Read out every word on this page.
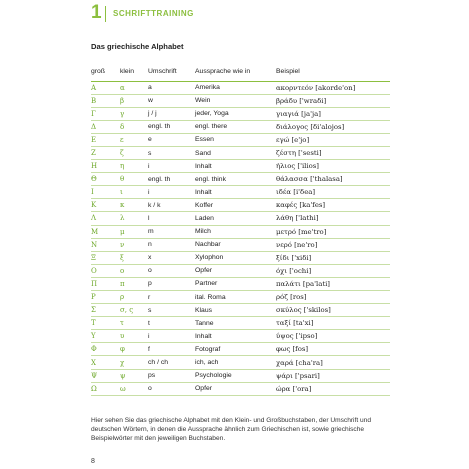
1 SCHRIFTTRAINING
Das griechische Alphabet
groß	klein	Umschrift	Aussprache wie in	Beispiel
Α	α	a	Amerika	ακορντεόν [akorde'on]
Β	β	w	Wein	βράδυ ['wraδi]
Γ	γ	j / j	jeder, Yoga	γιαγιά [ja'ja]
Δ	δ	engl. th	engl. there	διάλογος [δi'alojos]
Ε	ε	e	Essen	εγώ [e'jo]
Ζ	ζ	s	Sand	ζέστη ['sesti]
Η	η	i	Inhalt	ήλιος ['ilios]
Θ	θ	engl. th	engl. think	θάλασσα ['thalasa]
Ι	ι	i	Inhalt	ιδέα [i'δea]
Κ	κ	k / k	Koffer	καφές [ka'fes]
Λ	λ	l	Laden	λάθη ['lathi]
Μ	μ	m	Milch	μετρό [me'tro]
Ν	ν	n	Nachbar	νερό [ne'ro]
Ξ	ξ	x	Xylophon	ξίδι ['xiδi]
Ο	ο	o	Opfer	όχι ['ochi]
Π	π	p	Partner	παλάτι [pa'lati]
Ρ	ρ	r	ital. Roma	ρόζ [ros]
Σ	σ, ς	s	Klaus	σκύλος ['skilos]
Τ	τ	t	Tanne	ταξί [ta'xi]
Υ	υ	i	Inhalt	ύψος ['ipso]
Φ	φ	f	Fotograf	φως [fos]
Χ	χ	ch / ch	ich, ach	χαρά [cha'ra]
Ψ	ψ	ps	Psychologie	ψάρι ['psari]
Ω	ω	o	Opfer	ώρα ['ora]
Hier sehen Sie das griechische Alphabet mit den Klein- und Großbuchstaben, der Umschrift und deutschen Wörtern, in denen die Aussprache ähnlich zum Griechischen ist, sowie griechische Beispielwörter mit den jeweiligen Buchstaben.
8
